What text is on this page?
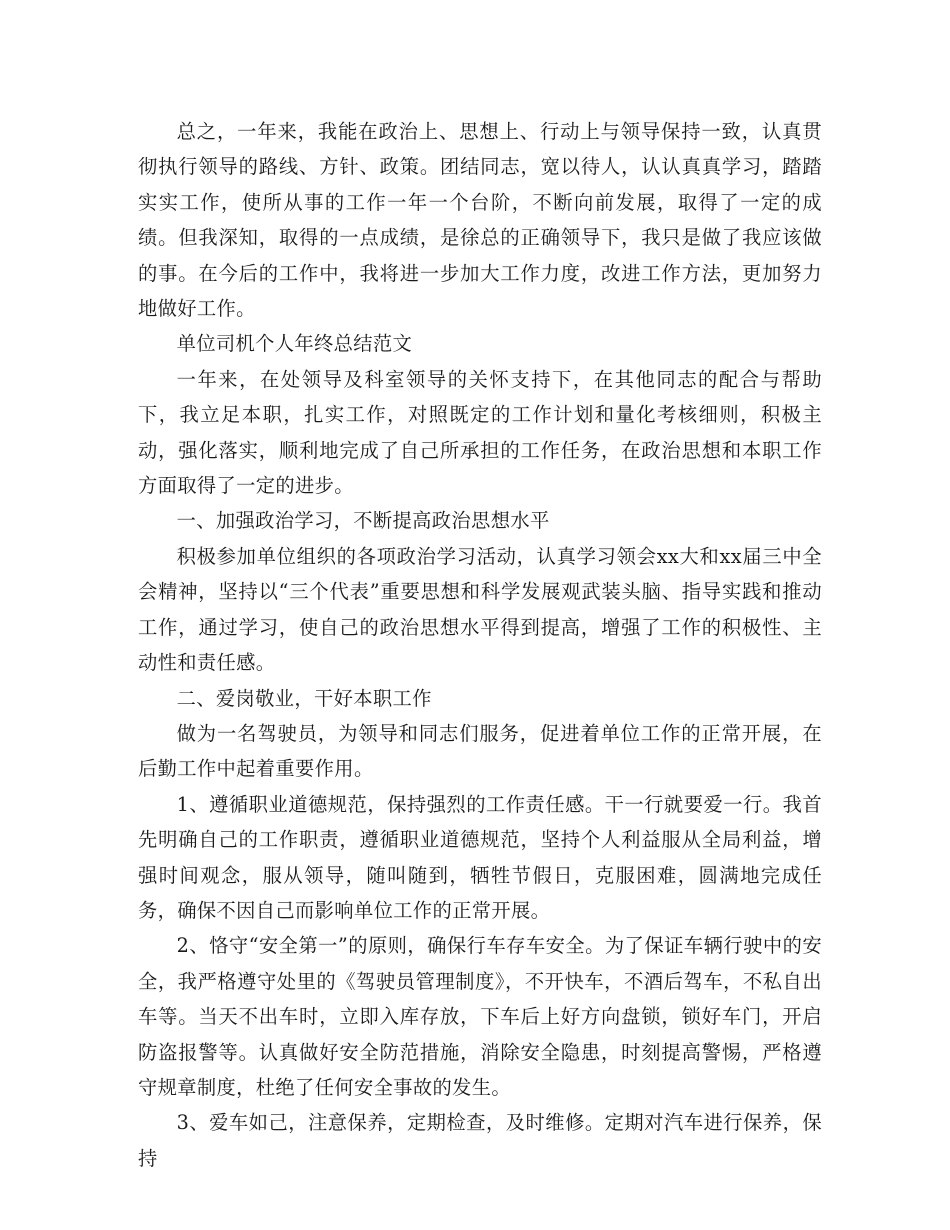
总之，一年来，我能在政治上、思想上、行动上与领导保持一致，认真贯彻执行领导的路线、方针、政策。团结同志，宽以待人，认认真真学习，踏踏实实工作，使所从事的工作一年一个台阶，不断向前发展，取得了一定的成绩。但我深知，取得的一点成绩，是徐总的正确领导下，我只是做了我应该做的事。在今后的工作中，我将进一步加大工作力度，改进工作方法，更加努力地做好工作。

单位司机个人年终总结范文

一年来，在处领导及科室领导的关怀支持下，在其他同志的配合与帮助下，我立足本职，扎实工作，对照既定的工作计划和量化考核细则，积极主动，强化落实，顺利地完成了自己所承担的工作任务，在政治思想和本职工作方面取得了一定的进步。

一、加强政治学习，不断提高政治思想水平

积极参加单位组织的各项政治学习活动，认真学习领会xx大和xx届三中全会精神，坚持以“三个代表”重要思想和科学发展观武装头脑、指导实践和推动工作，通过学习，使自己的政治思想水平得到提高，增强了工作的积极性、主动性和责任感。

二、爱岗敬业，干好本职工作

做为一名驾驶员，为领导和同志们服务，促进着单位工作的正常开展，在后勤工作中起着重要作用。

1、遵循职业道德规范，保持强烈的工作责任感。干一行就要爱一行。我首先明确自己的工作职责，遵循职业道德规范，坚持个人利益服从全局利益，增强时间观念，服从领导，随叫随到，牺牲节假日，克服困难，圆满地完成任务，确保不因自己而影响单位工作的正常开展。

2、恪守“安全第一”的原则，确保行车存车安全。为了保证车辆行驶中的安全，我严格遵守处里的《驾驶员管理制度》，不开快车，不酒后驾车，不私自出车等。当天不出车时，立即入库存放，下车后上好方向盘锁，锁好车门，开启防盗报警等。认真做好安全防范措施，消除安全隐患，时刻提高警惕，严格遵守规章制度，杜绝了任何安全事故的发生。

3、爱车如己，注意保养，定期检查，及时维修。定期对汽车进行保养，保持
